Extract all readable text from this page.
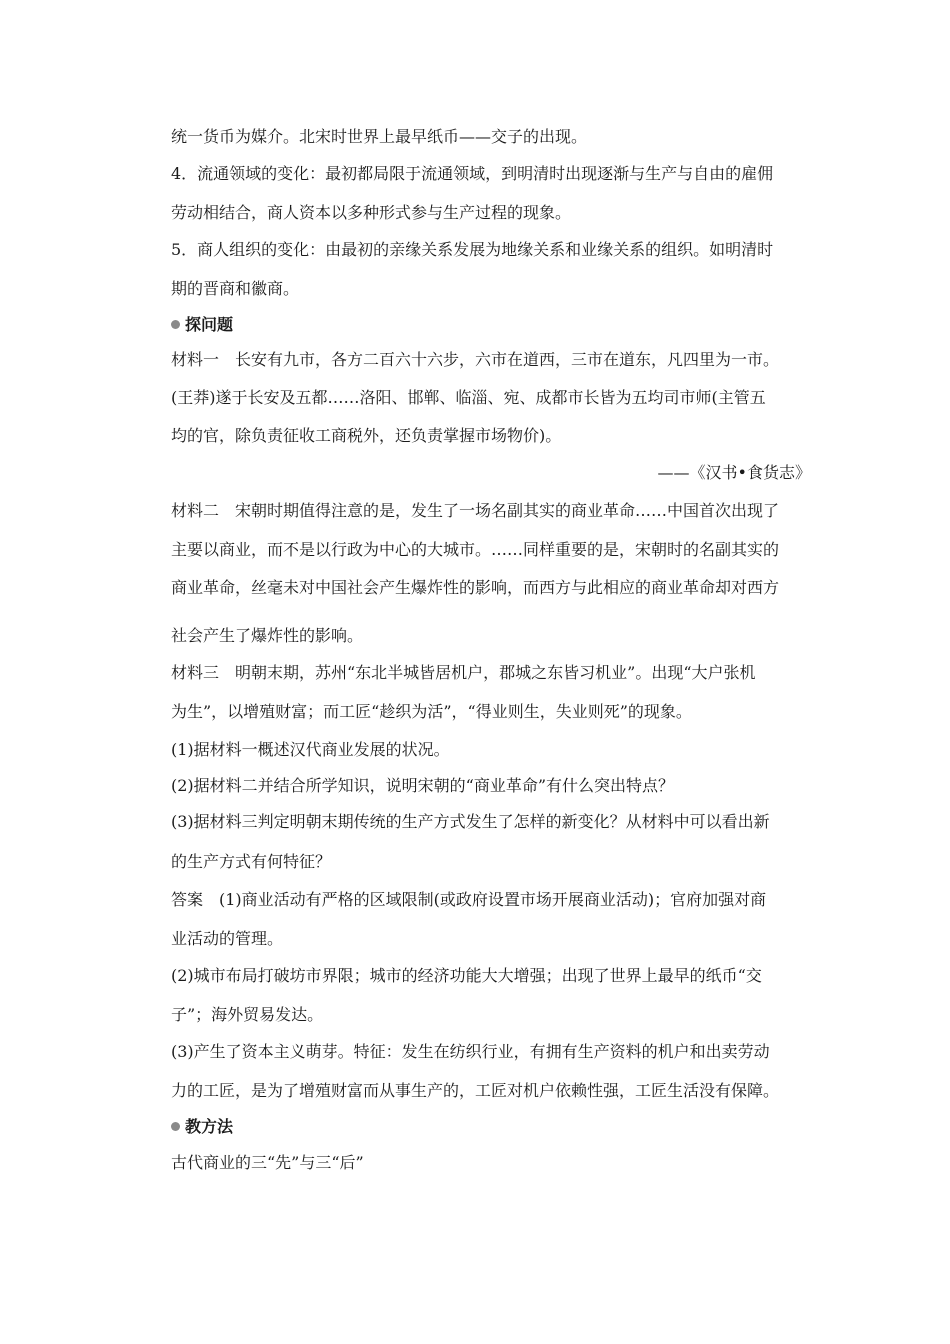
统一货币为媒介。北宋时世界上最早纸币——交子的出现。
4．流通领域的变化：最初都局限于流通领域，到明清时出现逐渐与生产与自由的雇佣
劳动相结合，商人资本以多种形式参与生产过程的现象。
5．商人组织的变化：由最初的亲缘关系发展为地缘关系和业缘关系的组织。如明清时
期的晋商和徽商。
探问题
材料一　长安有九市，各方二百六十六步，六市在道西，三市在道东，凡四里为一市。
(王莽)遂于长安及五都……洛阳、邯郸、临淄、宛、成都市长皆为五均司市师(主管五
均的官，除负责征收工商税外，还负责掌握市场物价)。
——《汉书•食货志》
材料二　宋朝时期值得注意的是，发生了一场名副其实的商业革命……中国首次出现了
主要以商业，而不是以行政为中心的大城市。……同样重要的是，宋朝时的名副其实的
商业革命，丝毫未对中国社会产生爆炸性的影响，而西方与此相应的商业革命却对西方
社会产生了爆炸性的影响。
材料三　明朝末期，苏州“东北半城皆居机户，郡城之东皆习机业”。出现“大户张机
为生”，以增殖财富；而工匠“趁织为活”，“得业则生，失业则死”的现象。
(1)据材料一概述汉代商业发展的状况。
(2)据材料二并结合所学知识，说明宋朝的“商业革命”有什么突出特点？
(3)据材料三判定明朝末期传统的生产方式发生了怎样的新变化？从材料中可以看出新
的生产方式有何特征？
答案　(1)商业活动有严格的区域限制(或政府设置市场开展商业活动)；官府加强对商
业活动的管理。
(2)城市布局打破坊市界限；城市的经济功能大大增强；出现了世界上最早的纸币“交
子”；海外贸易发达。
(3)产生了资本主义萌芽。特征：发生在纺织行业，有拥有生产资料的机户和出卖劳动
力的工匠，是为了增殖财富而从事生产的，工匠对机户依赖性强，工匠生活没有保障。
教方法
古代商业的三“先”与三“后”
